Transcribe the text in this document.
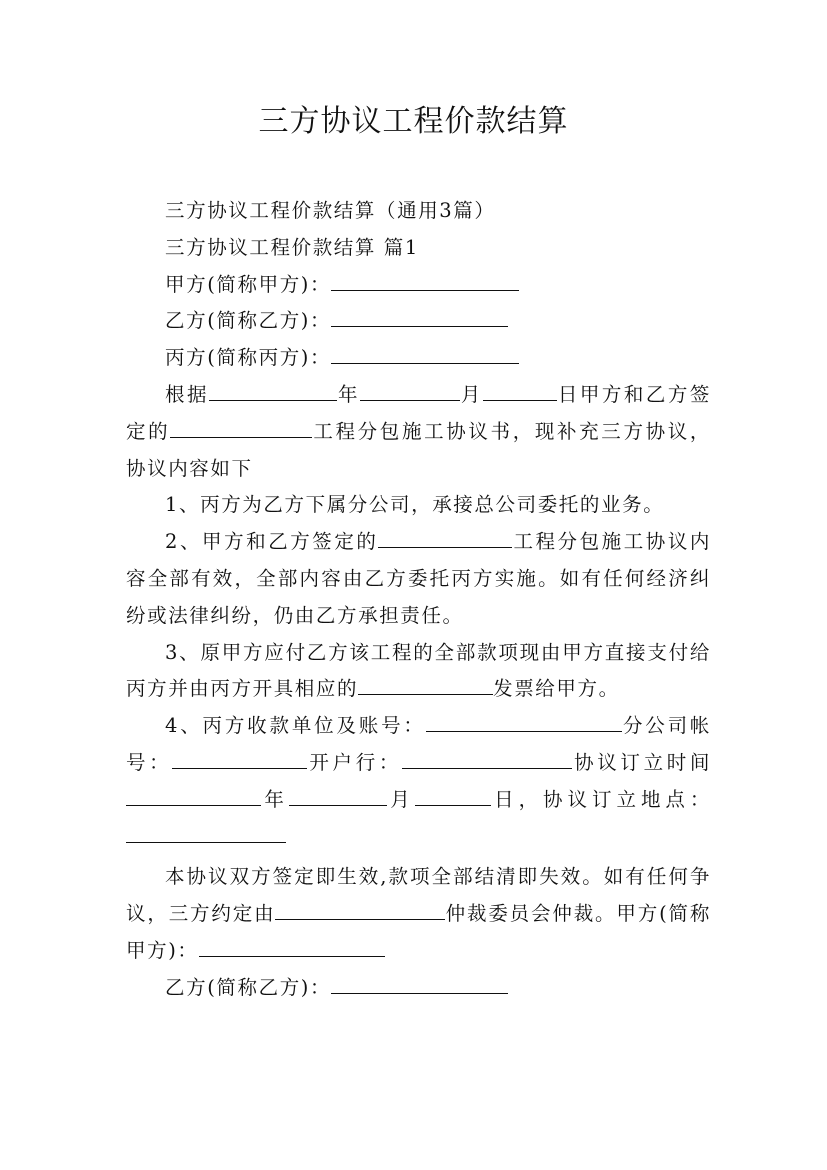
三方协议工程价款结算

三方协议工程价款结算（通用3篇）

三方协议工程价款结算 篇1

甲方(简称甲方)：

乙方(简称乙方)：

丙方(简称丙方)：

根据	年	月	日甲方和乙方签定的	工程分包施工协议书，现补充三方协议，协议内容如下

1、丙方为乙方下属分公司，承接总公司委托的业务。

2、甲方和乙方签定的	工程分包施工协议内容全部有效，全部内容由乙方委托丙方实施。如有任何经济纠纷或法律纠纷，仍由乙方承担责任。

3、原甲方应付乙方该工程的全部款项现由甲方直接支付给丙方并由丙方开具相应的	发票给甲方。

4、丙方收款单位及账号：	分公司帐号：	开户行：	协议订立时间年	月	日，协议订立地点：

本协议双方签定即生效,款项全部结清即失效。如有任何争议，三方约定由	仲裁委员会仲裁。甲方(简称甲方)：

乙方(简称乙方)：
